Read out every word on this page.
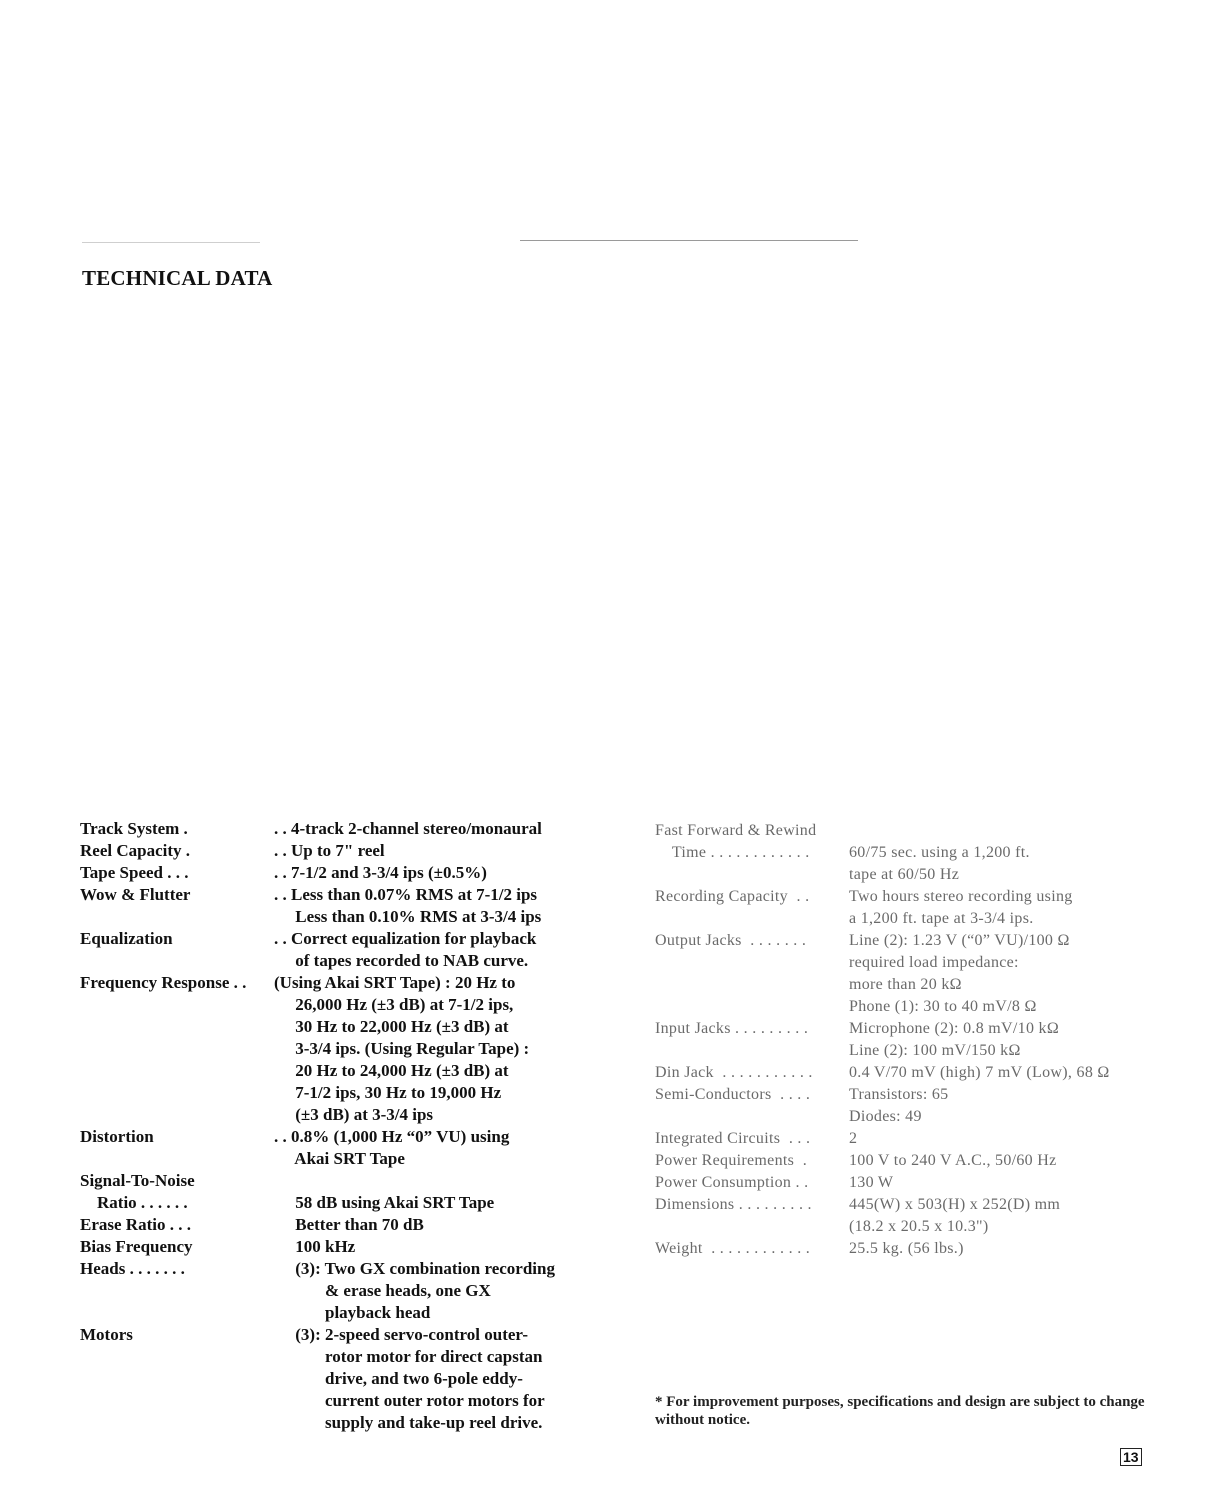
TECHNICAL DATA
Track System .	. . 4-track 2-channel stereo/monaural
Reel Capacity .	. . Up to 7" reel
Tape Speed . . .	. . 7-1/2 and 3-3/4 ips (±0.5%)
Wow & Flutter	. . Less than 0.07% RMS at 7-1/2 ips
Less than 0.10% RMS at 3-3/4 ips
Equalization	. . Correct equalization for playback
of tapes recorded to NAB curve.
Frequency Response . . (Using Akai SRT Tape) : 20 Hz to
26,000 Hz (±3 dB) at 7-1/2 ips,
30 Hz to 22,000 Hz (±3 dB) at
3-3/4 ips. (Using Regular Tape) :
20 Hz to 24,000 Hz (±3 dB) at
7-1/2 ips, 30 Hz to 19,000 Hz
(±3 dB) at 3-3/4 ips
Distortion	. . 0.8% (1,000 Hz “0” VU) using
Akai SRT Tape
Signal-To-Noise

Ratio . . . . . .	58 dB using Akai SRT Tape
Erase Ratio . . .	Better than 70 dB
Bias Frequency	100 kHz
Heads . . . . . . .	(3): Two GX combination recording
& erase heads, one GX
playback head
Motors	(3): 2-speed servo-control outer-
rotor motor for direct capstan
drive, and two 6-pole eddy-
current outer rotor motors for
supply and take-up reel drive.
Fast Forward & Rewind

Time . . . . . . . . . . . . 60/75 sec. using a 1,200 ft.
tape at 60/50 Hz
Recording Capacity  . . Two hours stereo recording using
a 1,200 ft. tape at 3-3/4 ips.
Output Jacks  . . . . . . .	Line (2): 1.23 V (“0” VU)/100 Ω
required load impedance:
more than 20 kΩ
Phone (1): 30 to 40 mV/8 Ω
Input Jacks . . . . . . . . .	Microphone (2): 0.8 mV/10 kΩ
Line (2): 100 mV/150 kΩ
Din Jack  . . . . . . . . . . . 0.4 V/70 mV (high) 7 mV (Low), 68 Ω
Semi-Conductors  . . . . Transistors: 65
Diodes: 49
Integrated Circuits  . . . 2
Power Requirements  .	100 V to 240 V A.C., 50/60 Hz
Power Consumption . .	130 W
Dimensions . . . . . . . . . 445(W) x 503(H) x 252(D) mm
(18.2 x 20.5 x 10.3")
Weight  . . . . . . . . . . . . 25.5 kg. (56 lbs.)
* For improvement purposes, specifications and design are subject to change without notice.
13
